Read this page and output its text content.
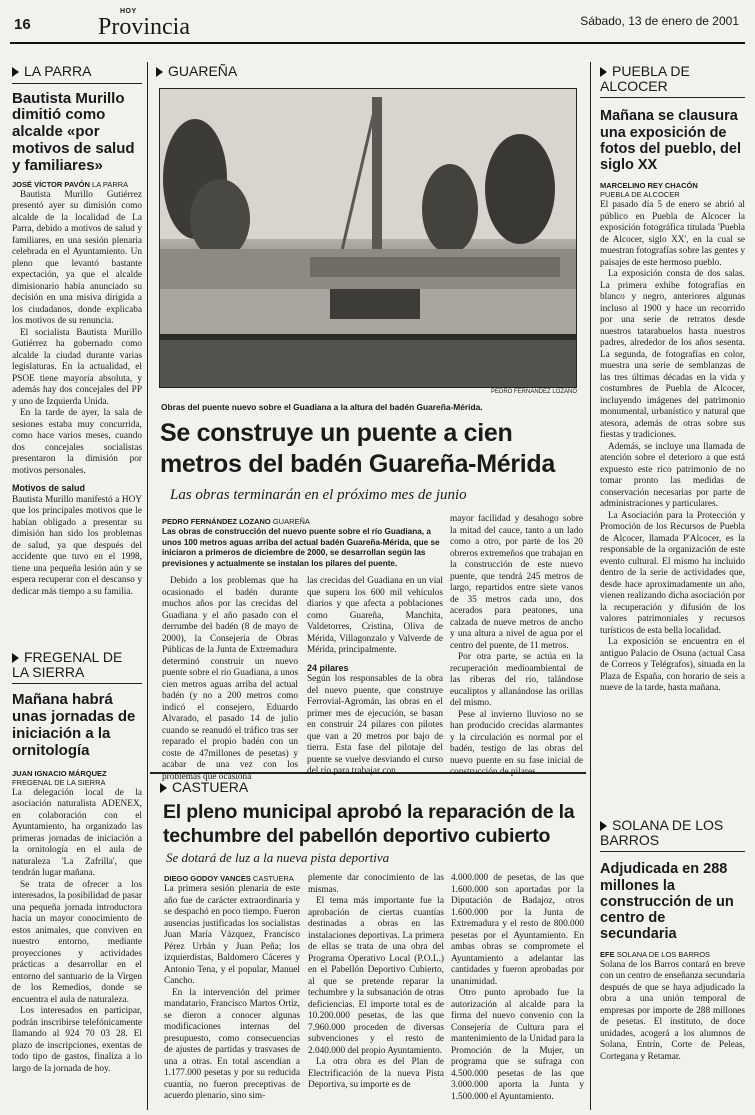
16
HOY
Provincia	Sábado, 13 de enero de 2001
LA PARRA
Bautista Murillo dimitió como alcalde «por motivos de salud y familiares»
JOSÉ VÍCTOR PAVÓN LA PARRA

Bautista Murillo Gutiérrez presentó ayer su dimisión como alcalde de la localidad de La Parra, debido a motivos de salud y familiares, en una sesión plenaria celebrada en el Ayuntamiento. Un pleno que levantó bastante expectación, ya que el alcalde dimisionario había anunciado su decisión en una misiva dirigida a los ciudadanos, donde explicaba los motivos de su renuncia.

El socialista Bautista Murillo Gutiérrez ha gobernado como alcalde la ciudad durante varias legislaturas. En la actualidad, el PSOE tiene mayoría absoluta, y además hay dos concejales del PP y uno de Izquierda Unida.

En la tarde de ayer, la sala de sesiones estaba muy concurrida, como hace varios meses, cuando dos concejales socialistas presentaron la dimisión por motivos personales.

Motivos de salud

Bautista Murillo manifestó a HOY que los principales motivos que le habían obligado a presentar su dimisión han sido los problemas de salud, ya que después del accidente que tuvo en el 1998, tiene una pequeña lesión aún y se espera recuperar con el descanso y dedicar más tiempo a su familia.

FREGENAL DE LA SIERRA
Mañana habrá unas jornadas de iniciación a la ornitología
JUAN IGNACIO MÁRQUEZ
FREGENAL DE LA SIERRA

La delegación local de la asociación naturalista ADENEX, en colaboración con el Ayuntamiento, ha organizado las primeras jornadas de iniciación a la ornitología en el aula de naturaleza 'La Zafrilla', que tendrán lugar mañana.

Se trata de ofrecer a los interesados, la posibilidad de pasar una pequeña jornada introductora hacia un mayor conocimiento de estos animales, que conviven en nuestro entorno, mediante proyecciones y actividades prácticas a desarrollar en el entorno del santuario de la Virgen de los Remedios, donde se encuentra el aula de naturaleza.

Los interesados en participar, podrán inscribirse telefónicamente llamando al 924 70 03 28. El plazo de inscripciones, exentas de todo tipo de gastos, finaliza a lo largo de la jornada de hoy.

GUAREÑA
PEDRO FERNÁNDEZ LOZANO
Obras del puente nuevo sobre el Guadiana a la altura del badén Guareña-Mérida.
Se construye un puente a cien metros del badén Guareña-Mérida
Las obras terminarán en el próximo mes de junio
PEDRO FERNÁNDEZ LOZANO GUAREÑA
Las obras de construcción del nuevo puente sobre el río Guadiana, a unos 100 metros aguas arriba del actual badén Guareña-Mérida, que se iniciaron a primeros de diciembre de 2000, se desarrollan según las previsiones y actualmente se instalan los pilares del puente.

Debido a los problemas que ha ocasionado el badén durante muchos años por las crecidas del Guadiana y el año pasado con el derrumbe del badén (8 de mayo de 2000), la Consejería de Obras Públicas de la Junta de Extremadura determinó construir un nuevo puente sobre el río Guadiana, a unos cien metros aguas arriba del actual badén (y no a 200 metros como indicó el consejero, Eduardo Alvarado, el pasado 14 de julio cuando se reanudó el tráfico tras ser reparado el propio badén con un coste de 47millones de pesetas) y acabar de una vez con los problemas que ocasiona

las crecidas del Guadiana en un vial que supera los 600 mil vehículos diarios y que afecta a poblaciones como Guareña, Manchita, Valdetorres, Cristina, Oliva de Mérida, Villagonzalo y Valverde de Mérida, principalmente.

24 pilares

Según los responsables de la obra del nuevo puente, que construye Ferrovial-Agromán, las obras en el primer mes de ejecución, se basan en construir 24 pilares con pilotes que van a 20 metros por bajo de tierra. Esta fase del pilotaje del puente se vuelve desviando el curso del río para trabajar con

mayor facilidad y desahogo sobre la mitad del cauce, tanto a un lado como a otro, por parte de los 20 obreros extremeños que trabajan en la construcción de este nuevo puente, que tendrá 245 metros de largo, repartidos entre siete vanos de 35 metros cada uno, dos acerados para peatones, una calzada de nueve metros de ancho y una altura a nivel de agua por el centro del puente, de 11 metros.

Por otra parte, se actúa en la recuperación medioambiental de las riberas del río, talándose eucaliptos y allanándose las orillas del mismo.

Pese al invierno lluvioso no se han producido crecidas alarmantes y la circulación es normal por el badén, testigo de las obras del nuevo puente en su fase inicial de construcción de pilares.

CASTUERA
El pleno municipal aprobó la reparación de la techumbre del pabellón deportivo cubierto
Se dotará de luz a la nueva pista deportiva
DIEGO GODOY VANCES CASTUERA

La primera sesión plenaria de este año fue de carácter extraordinaria y se despachó en poco tiempo. Fueron ausencias justificadas los socialistas Juan María Vázquez, Francisco Pérez Urbán y Juan Peña; los izquierdistas, Baldomero Cáceres y Antonio Tena, y el popular, Manuel Cancho.

En la intervención del primer mandatario, Francisco Martos Ortiz, se dieron a conocer algunas modificaciones internas del presupuesto, como consecuencias de ajustes de partidas y trasvases de una a otras. En total ascendían a 1.177.000 pesetas y por su reducida cuantía, no fueron preceptivas de acuerdo plenario, sino sim-

plemente dar conocimiento de las mismas.

El tema más importante fue la aprobación de ciertas cuantías destinadas a obras en las instalaciones deportivas. La primera de ellas se trata de una obra del Programa Operativo Local (P.O.L.) en el Pabellón Deportivo Cubierto, al que se pretende reparar la techumbre y la subsanación de otras deficiencias. El importe total es de 10.200.000 pesetas, de las que 7.960.000 proceden de diversas subvenciones y el resto de 2.040.000 del propio Ayuntamiento.

La otra obra es del Plan de Electrificación de la nueva Pista Deportiva, su importe es de

4.000.000 de pesetas, de las que 1.600.000 son aportadas por la Diputación de Badajoz, otros 1.600.000 por la Junta de Extremadura y el resto de 800.000 pesetas por el Ayuntamiento. En ambas obras se compromete el Ayuntamiento a adelantar las cantidades y fueron aprobadas por unanimidad.

Otro punto aprobado fue la autorización al alcalde para la firma del nuevo convenio con la Consejería de Cultura para el mantenimiento de la Unidad para la Promoción de la Mujer, un programa que se sufraga con 4.500.000 pesetas de las que 3.000.000 aporta la Junta y 1.500.000 el Ayuntamiento.

PUEBLA DE ALCOCER
Mañana se clausura una exposición de fotos del pueblo, del siglo XX
MARCELINO REY CHACÓN
PUEBLA DE ALCOCER

El pasado día 5 de enero se abrió al público en Puebla de Alcocer la exposición fotográfica titulada 'Puebla de Alcocer, siglo XX', en la cual se muestran fotografías sobre las gentes y paisajes de este hermoso pueblo.

La exposición consta de dos salas. La primera exhibe fotografías en blanco y negro, anteriores algunas incluso al 1900 y hace un recorrido por una serie de retratos desde nuestros tatarabuelos hasta nuestros padres, alrededor de los años sesenta. La segunda, de fotografías en color, muestra una serie de semblanzas de las tres últimas décadas en la vida y costumbres de Puebla de Alcocer, incluyendo imágenes del patrimonio monumental, urbanístico y natural que atesora, además de otras sobre sus fiestas y tradiciones.

Además, se incluye una llamada de atención sobre el deterioro a que está expuesto este rico patrimonio de no tomar pronto las medidas de conservación necesarias por parte de administraciones y particulares.

La Asociación para la Protección y Promoción de los Recursos de Puebla de Alcocer, llamada P'Alcocer, es la responsable de la organización de este evento cultural. El mismo ha incluido dentro de la serie de actividades que, desde hace aproximadamente un año, vienen realizando dicha asociación por la recuperación y difusión de los valores patrimoniales y recursos turísticos de esta bella localidad.

La exposición se encuentra en el antiguo Palacio de Osuna (actual Casa de Correos y Telégrafos), situada en la Plaza de España, con horario de seis a nueve de la tarde, hasta mañana.

SOLANA DE LOS BARROS
Adjudicada en 288 millones la construcción de un centro de secundaria
EFE SOLANA DE LOS BARROS

Solana de los Barros contará en breve con un centro de enseñanza secundaria después de que se haya adjudicado la obra a una unión temporal de empresas por importe de 288 millones de pesetas. El instituto, de doce unidades, acogerá a los alumnos de Solana, Entrín, Corte de Peleas, Cortegana y Retamar.
